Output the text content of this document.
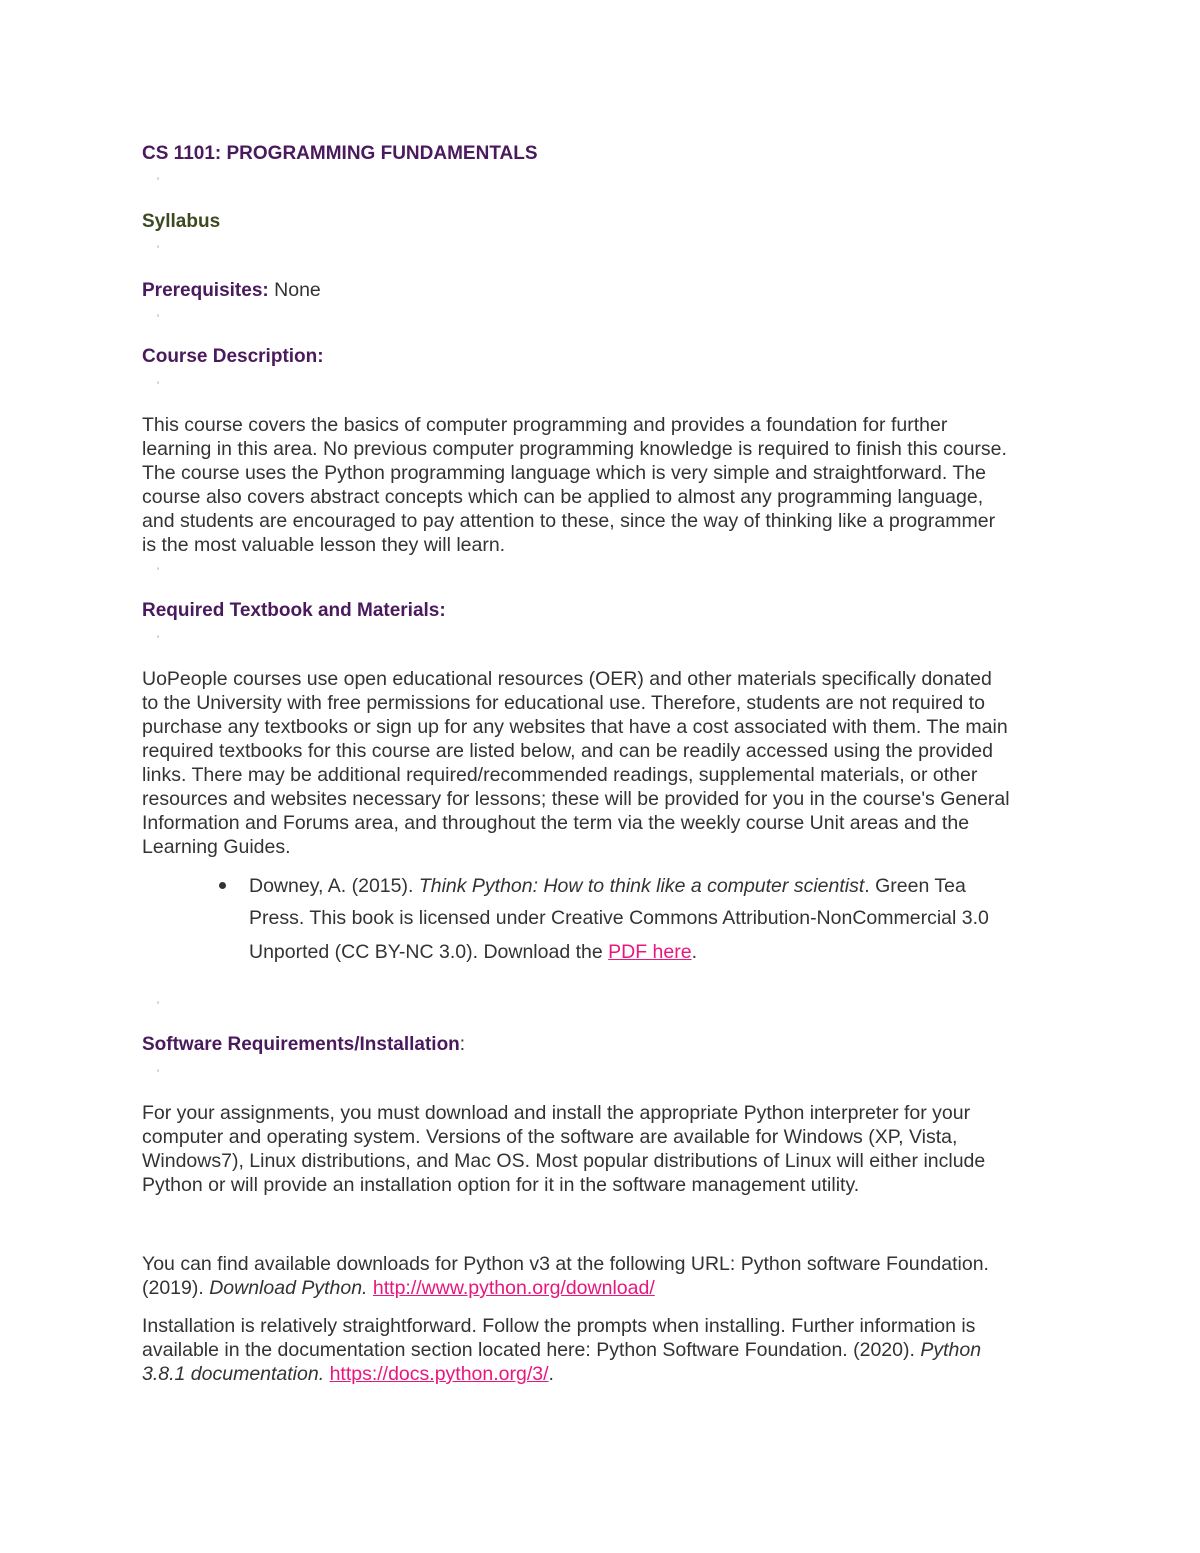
CS 1101: PROGRAMMING FUNDAMENTALS

'

Syllabus

'

Prerequisites: None

'

Course Description:

'
This course covers the basics of computer programming and provides a foundation for further
learning in this area. No previous computer programming knowledge is required to finish this course.
The course uses the Python programming language which is very simple and straightforward. The
course also covers abstract concepts which can be applied to almost any programming language,
and students are encouraged to pay attention to these, since the way of thinking like a programmer
is the most valuable lesson they will learn.
'

Required Textbook and Materials:

'
UoPeople courses use open educational resources (OER) and other materials specifically donated
to the University with free permissions for educational use. Therefore, students are not required to
purchase any textbooks or sign up for any websites that have a cost associated with them. The main
required textbooks for this course are listed below, and can be readily accessed using the provided
links. There may be additional required/recommended readings, supplemental materials, or other
resources and websites necessary for lessons; these will be provided for you in the course's General
Information and Forums area, and throughout the term via the weekly course Unit areas and the
Learning Guides.

Downey, A. (2015). Think Python: How to think like a computer scientist. Green Tea

Press. This book is licensed under Creative Commons Attribution-NonCommercial 3.0

Unported (CC BY-NC 3.0). Download the PDF here.

'

Software Requirements/Installation:

'
For your assignments, you must download and install the appropriate Python interpreter for your
computer and operating system. Versions of the software are available for Windows (XP, Vista,
Windows7), Linux distributions, and Mac OS. Most popular distributions of Linux will either include
Python or will provide an installation option for it in the software management utility.
You can find available downloads for Python v3 at the following URL: Python software Foundation.
(2019). Download Python. http://www.python.org/download/
Installation is relatively straightforward. Follow the prompts when installing. Further information is
available in the documentation section located here: Python Software Foundation. (2020). Python
3.8.1 documentation. https://docs.python.org/3/.
